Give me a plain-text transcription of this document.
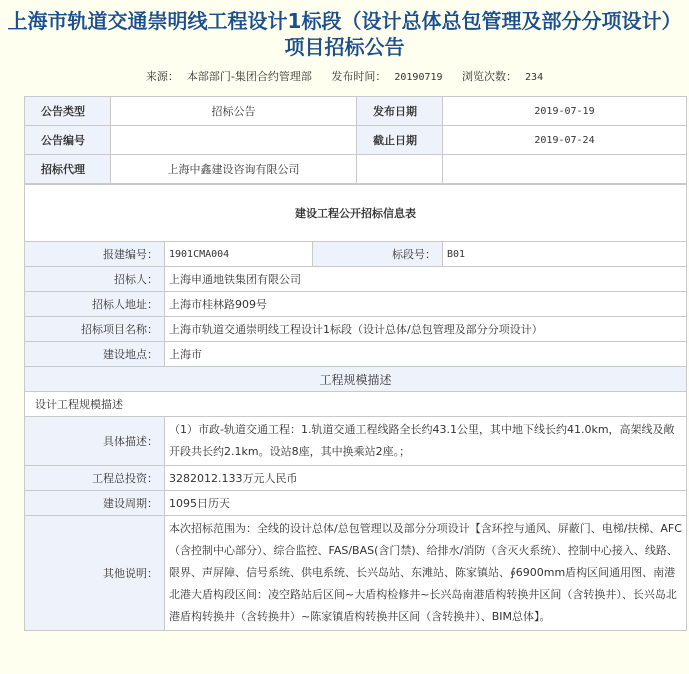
上海市轨道交通崇明线工程设计1标段（设计总体总包管理及部分分项设计）项目招标公告
来源： 本部部门-集团合约管理部 发布时间： 20190719 浏览次数： 234
公告类型	招标公告	发布日期	2019-07-19
公告编号		截止日期	2019-07-24
招标代理	上海中鑫建设咨询有限公司		
建设工程公开招标信息表			
报建编号：	1901CMA004	标段号：	B01
招标人：	上海申通地铁集团有限公司		
招标人地址：	上海市桂林路909号		
招标项目名称：	上海市轨道交通崇明线工程设计1标段（设计总体/总包管理及部分分项设计）		
建设地点：	上海市		
工程规模描述			
设计工程规模描述			
具体描述：	（1）市政-轨道交通工程：1.轨道交通工程线路全长约43.1公里，其中地下线长约41.0km，高架线及敞开段共长约2.1km。设站8座，其中换乘站2座。；		
工程总投资：	3282012.133万元人民币		
建设周期：	1095日历天		
其他说明：	本次招标范围为：全线的设计总体/总包管理以及部分分项设计【含环控与通风、屏蔽门、电梯/扶梯、AFC（含控制中心部分）、综合监控、FAS/BAS(含门禁)、给排水/消防（含灭火系统）、控制中心接入、线路、限界、声屏障、信号系统、供电系统、长兴岛站、东滩站、陈家镇站、∮6900mm盾构区间通用图、南港北港大盾构段区间：凌空路站后区间~大盾构检修井~长兴岛南港盾构转换井区间（含转换井）、长兴岛北港盾构转换井（含转换井）~陈家镇盾构转换井区间（含转换井）、BIM总体】。		
